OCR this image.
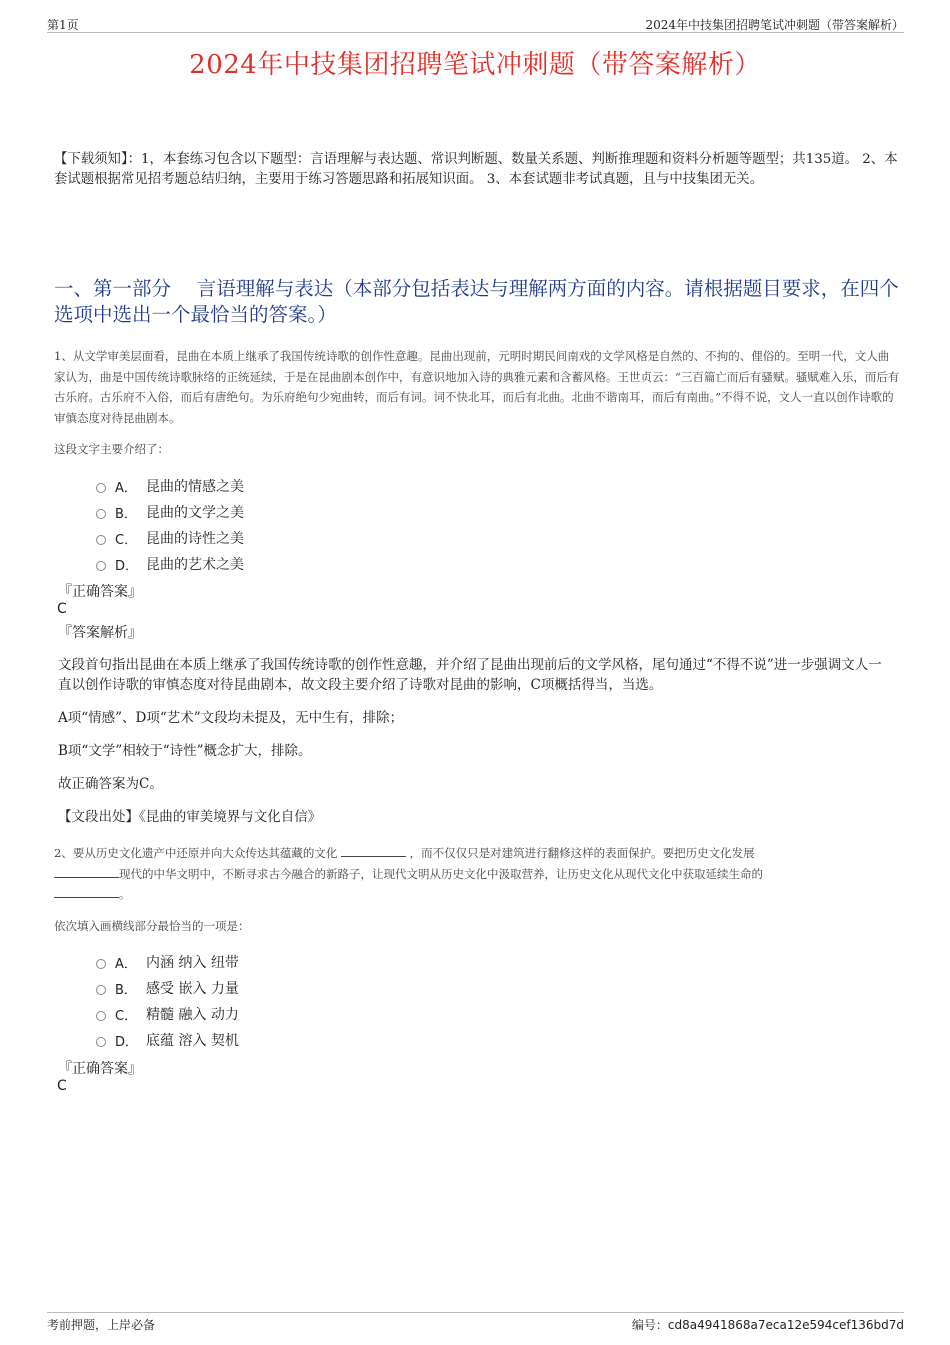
第1页	2024年中技集团招聘笔试冲刺题（带答案解析）
2024年中技集团招聘笔试冲刺题（带答案解析）
【下载须知】：1，本套练习包含以下题型：言语理解与表达题、常识判断题、数量关系题、判断推理题和资料分析题等题型；共135道。 2、本套试题根据常见招考题总结归纳，主要用于练习答题思路和拓展知识面。 3、本套试题非考试真题，且与中技集团无关。
一、第一部分　 言语理解与表达（本部分包括表达与理解两方面的内容。请根据题目要求，在四个选项中选出一个最恰当的答案。）
1、从文学审美层面看，昆曲在本质上继承了我国传统诗歌的创作性意趣。昆曲出现前，元明时期民间南戏的文学风格是自然的、不拘的、俚俗的。至明一代，文人曲家认为，曲是中国传统诗歌脉络的正统延续，于是在昆曲剧本创作中，有意识地加入诗的典雅元素和含蓄风格。王世贞云：“三百篇亡而后有骚赋。骚赋难入乐，而后有古乐府。古乐府不入俗，而后有唐绝句。为乐府绝句少宛曲转，而后有词。词不快北耳，而后有北曲。北曲不谐南耳，而后有南曲。”不得不说，文人一直以创作诗歌的审慎态度对待昆曲剧本。
这段文字主要介绍了：
A． 昆曲的情感之美
B． 昆曲的文学之美
C． 昆曲的诗性之美
D． 昆曲的艺术之美
『正确答案』
C
『答案解析』
文段首句指出昆曲在本质上继承了我国传统诗歌的创作性意趣，并介绍了昆曲出现前后的文学风格，尾句通过“不得不说”进一步强调文人一直以创作诗歌的审慎态度对待昆曲剧本，故文段主要介绍了诗歌对昆曲的影响，C项概括得当，当选。
A项“情感”、D项“艺术”文段均未提及，无中生有，排除；
B项“文学”相较于“诗性”概念扩大，排除。
故正确答案为C。
【文段出处】《昆曲的审美境界与文化自信》
2、要从历史文化遗产中还原并向大众传达其蕴藏的文化	，而不仅仅只是对建筑进行翻修这样的表面保护。要把历史文化发展
现代的中华文明中，不断寻求古今融合的新路子，让现代文明从历史文化中汲取营养，让历史文化从现代文化中获取延续生命的
。
依次填入画横线部分最恰当的一项是：
A． 内涵 纳入 纽带
B． 感受 嵌入 力量
C． 精髓 融入 动力
D． 底蕴 溶入 契机
『正确答案』
C
考前押题，上岸必备	编号：cd8a4941868a7eca12e594cef136bd7d
